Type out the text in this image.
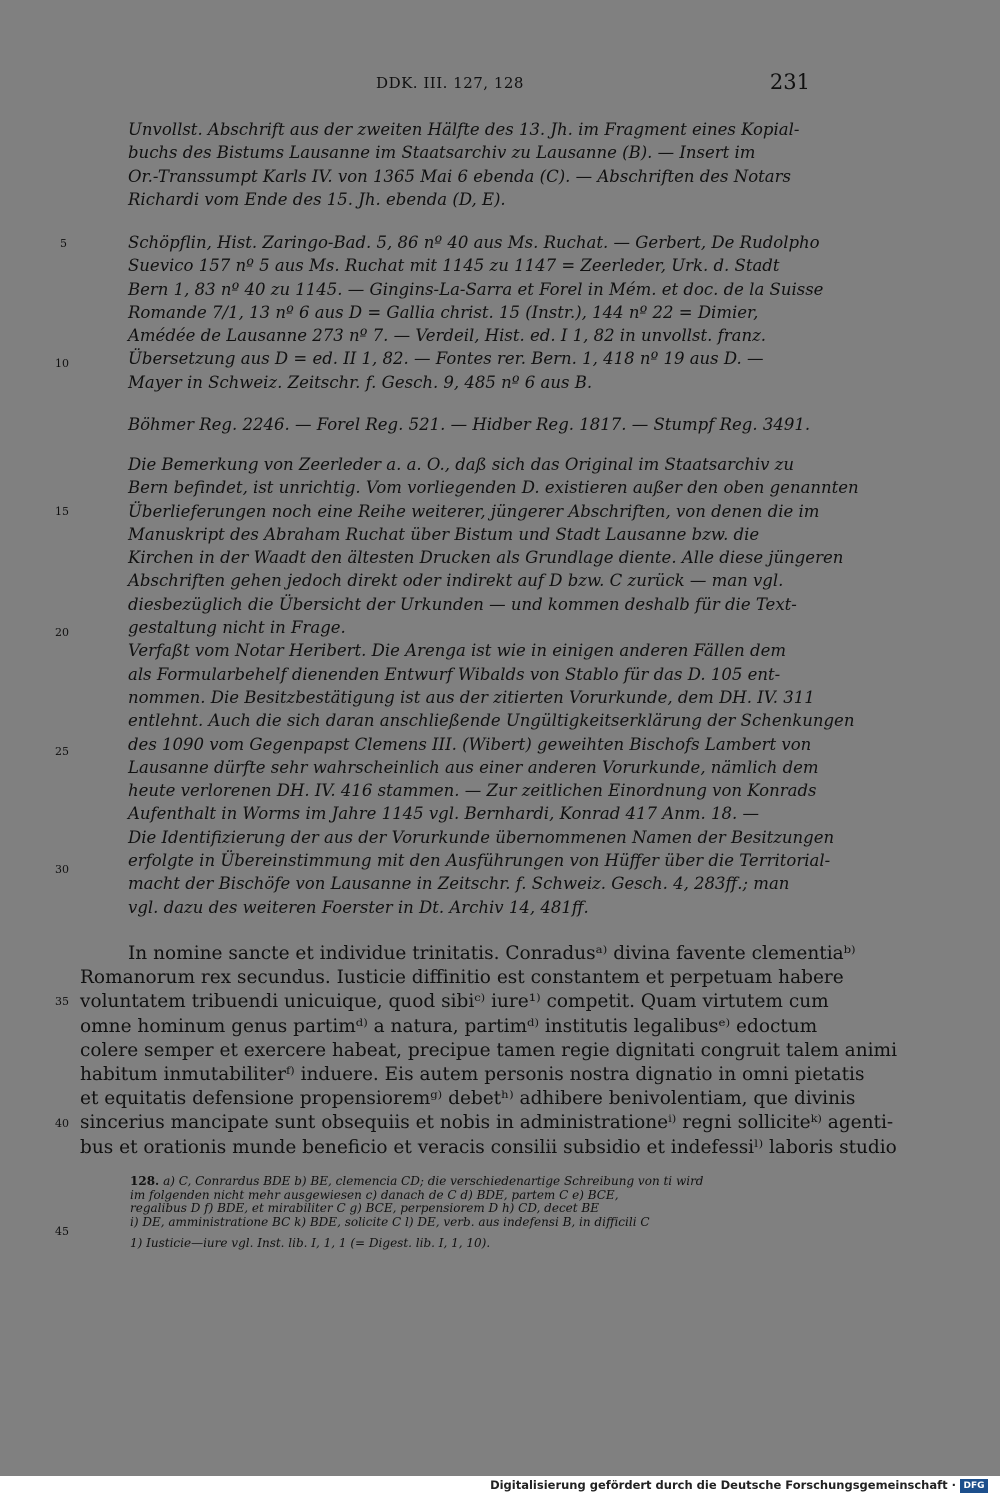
DDK. III. 127, 128	231
Unvollst. Abschrift aus der zweiten Hälfte des 13. Jh. im Fragment eines Kopial-
buchs des Bistums Lausanne im Staatsarchiv zu Lausanne (B). — Insert im
Or.-Transsumpt Karls IV. von 1365 Mai 6 ebenda (C). — Abschriften des Notars
Richardi vom Ende des 15. Jh. ebenda (D, E).
Schöpflin, Hist. Zaringo-Bad. 5, 86 nº 40 aus Ms. Ruchat. — Gerbert, De Rudolpho
Suevico 157 nº 5 aus Ms. Ruchat mit 1145 zu 1147 = Zeerleder, Urk. d. Stadt
Bern 1, 83 nº 40 zu 1145. — Gingins-La-Sarra et Forel in Mém. et doc. de la Suisse
Romande 7/1, 13 nº 6 aus D = Gallia christ. 15 (Instr.), 144 nº 22 = Dimier,
Amédée de Lausanne 273 nº 7. — Verdeil, Hist. ed. I 1, 82 in unvollst. franz.
Übersetzung aus D = ed. II 1, 82. — Fontes rer. Bern. 1, 418 nº 19 aus D. —
Mayer in Schweiz. Zeitschr. f. Gesch. 9, 485 nº 6 aus B.
Böhmer Reg. 2246. — Forel Reg. 521. — Hidber Reg. 1817. — Stumpf Reg. 3491.
Die Bemerkung von Zeerleder a. a. O., daß sich das Original im Staatsarchiv zu
Bern befindet, ist unrichtig. Vom vorliegenden D. existieren außer den oben genannten
Überlieferungen noch eine Reihe weiterer, jüngerer Abschriften, von denen die im
Manuskript des Abraham Ruchat über Bistum und Stadt Lausanne bzw. die
Kirchen in der Waadt den ältesten Drucken als Grundlage diente. Alle diese jüngeren
Abschriften gehen jedoch direkt oder indirekt auf D bzw. C zurück — man vgl.
diesbezüglich die Übersicht der Urkunden — und kommen deshalb für die Text-
gestaltung nicht in Frage.
Verfaßt vom Notar Heribert. Die Arenga ist wie in einigen anderen Fällen dem
als Formularbehelf dienenden Entwurf Wibalds von Stablo für das D. 105 ent-
nommen. Die Besitzbestätigung ist aus der zitierten Vorurkunde, dem DH. IV. 311
entlehnt. Auch die sich daran anschließende Ungültigkeitserklärung der Schenkungen
des 1090 vom Gegenpapst Clemens III. (Wibert) geweihten Bischofs Lambert von
Lausanne dürfte sehr wahrscheinlich aus einer anderen Vorurkunde, nämlich dem
heute verlorenen DH. IV. 416 stammen. — Zur zeitlichen Einordnung von Konrads
Aufenthalt in Worms im Jahre 1145 vgl. Bernhardi, Konrad 417 Anm. 18. —
Die Identifizierung der aus der Vorurkunde übernommenen Namen der Besitzungen
erfolgte in Übereinstimmung mit den Ausführungen von Hüffer über die Territorial-
macht der Bischöfe von Lausanne in Zeitschr. f. Schweiz. Gesch. 4, 283ff.; man
vgl. dazu des weiteren Foerster in Dt. Archiv 14, 481ff.
In nomine sancte et individue trinitatis. Conradusᵃ⁾ divina favente clementiaᵇ⁾
Romanorum rex secundus. Iusticie diffinitio est constantem et perpetuam habere
voluntatem tribuendi unicuique, quod sibiᶜ⁾ iure¹⁾ competit. Quam virtutem cum
omne hominum genus partimᵈ⁾ a natura, partimᵈ⁾ institutis legalibusᵉ⁾ edoctum
colere semper et exercere habeat, precipue tamen regie dignitati congruit talem animi
habitum inmutabiliterᶠ⁾ induere. Eis autem personis nostra dignatio in omni pietatis
et equitatis defensione propensioremᵍ⁾ debetʰ⁾ adhibere benivolentiam, que divinis
sincerius mancipate sunt obsequiis et nobis in administrationeⁱ⁾ regni solliciteᵏ⁾ agenti-
bus et orationis munde beneficio et veracis consilii subsidio et indefessiˡ⁾ laboris studio
128. a) C, Conrardus BDE b) BE, clemencia CD; die verschiedenartige Schreibung von ti wird
im folgenden nicht mehr ausgewiesen c) danach de C d) BDE, partem C e) BCE,
regalibus D f) BDE, et mirabiliter C g) BCE, perpensiorem D h) CD, decet BE
i) DE, amministratione BC k) BDE, solicite C l) DE, verb. aus indefensi B, in difficili C
1) Iusticie—iure vgl. Inst. lib. I, 1, 1 (= Digest. lib. I, 1, 10).
5
10
15
20
25
30
35
40
45
Digitalisierung gefördert durch die Deutsche Forschungsgemeinschaft · DFG
